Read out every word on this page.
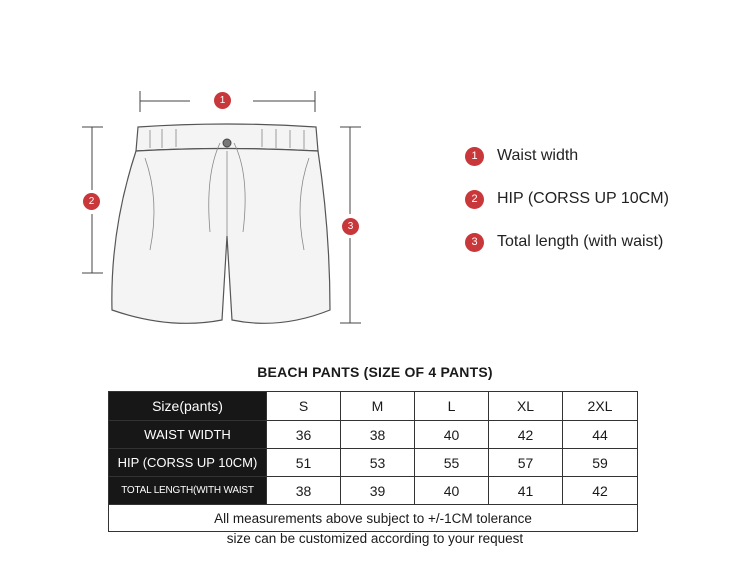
1
2
3
1	Waist width
2	HIP (CORSS UP 10CM)
3	Total length (with waist)
BEACH PANTS (SIZE OF 4 PANTS)
Size(pants)	S	M	L	XL	2XL
WAIST WIDTH	36	38	40	42	44
HIP (CORSS UP 10CM)	51	53	55	57	59
TOTAL LENGTH(WITH WAIST	38	39	40	41	42
All measurements above subject to +/-1CM tolerance					
size can be customized according to your request
